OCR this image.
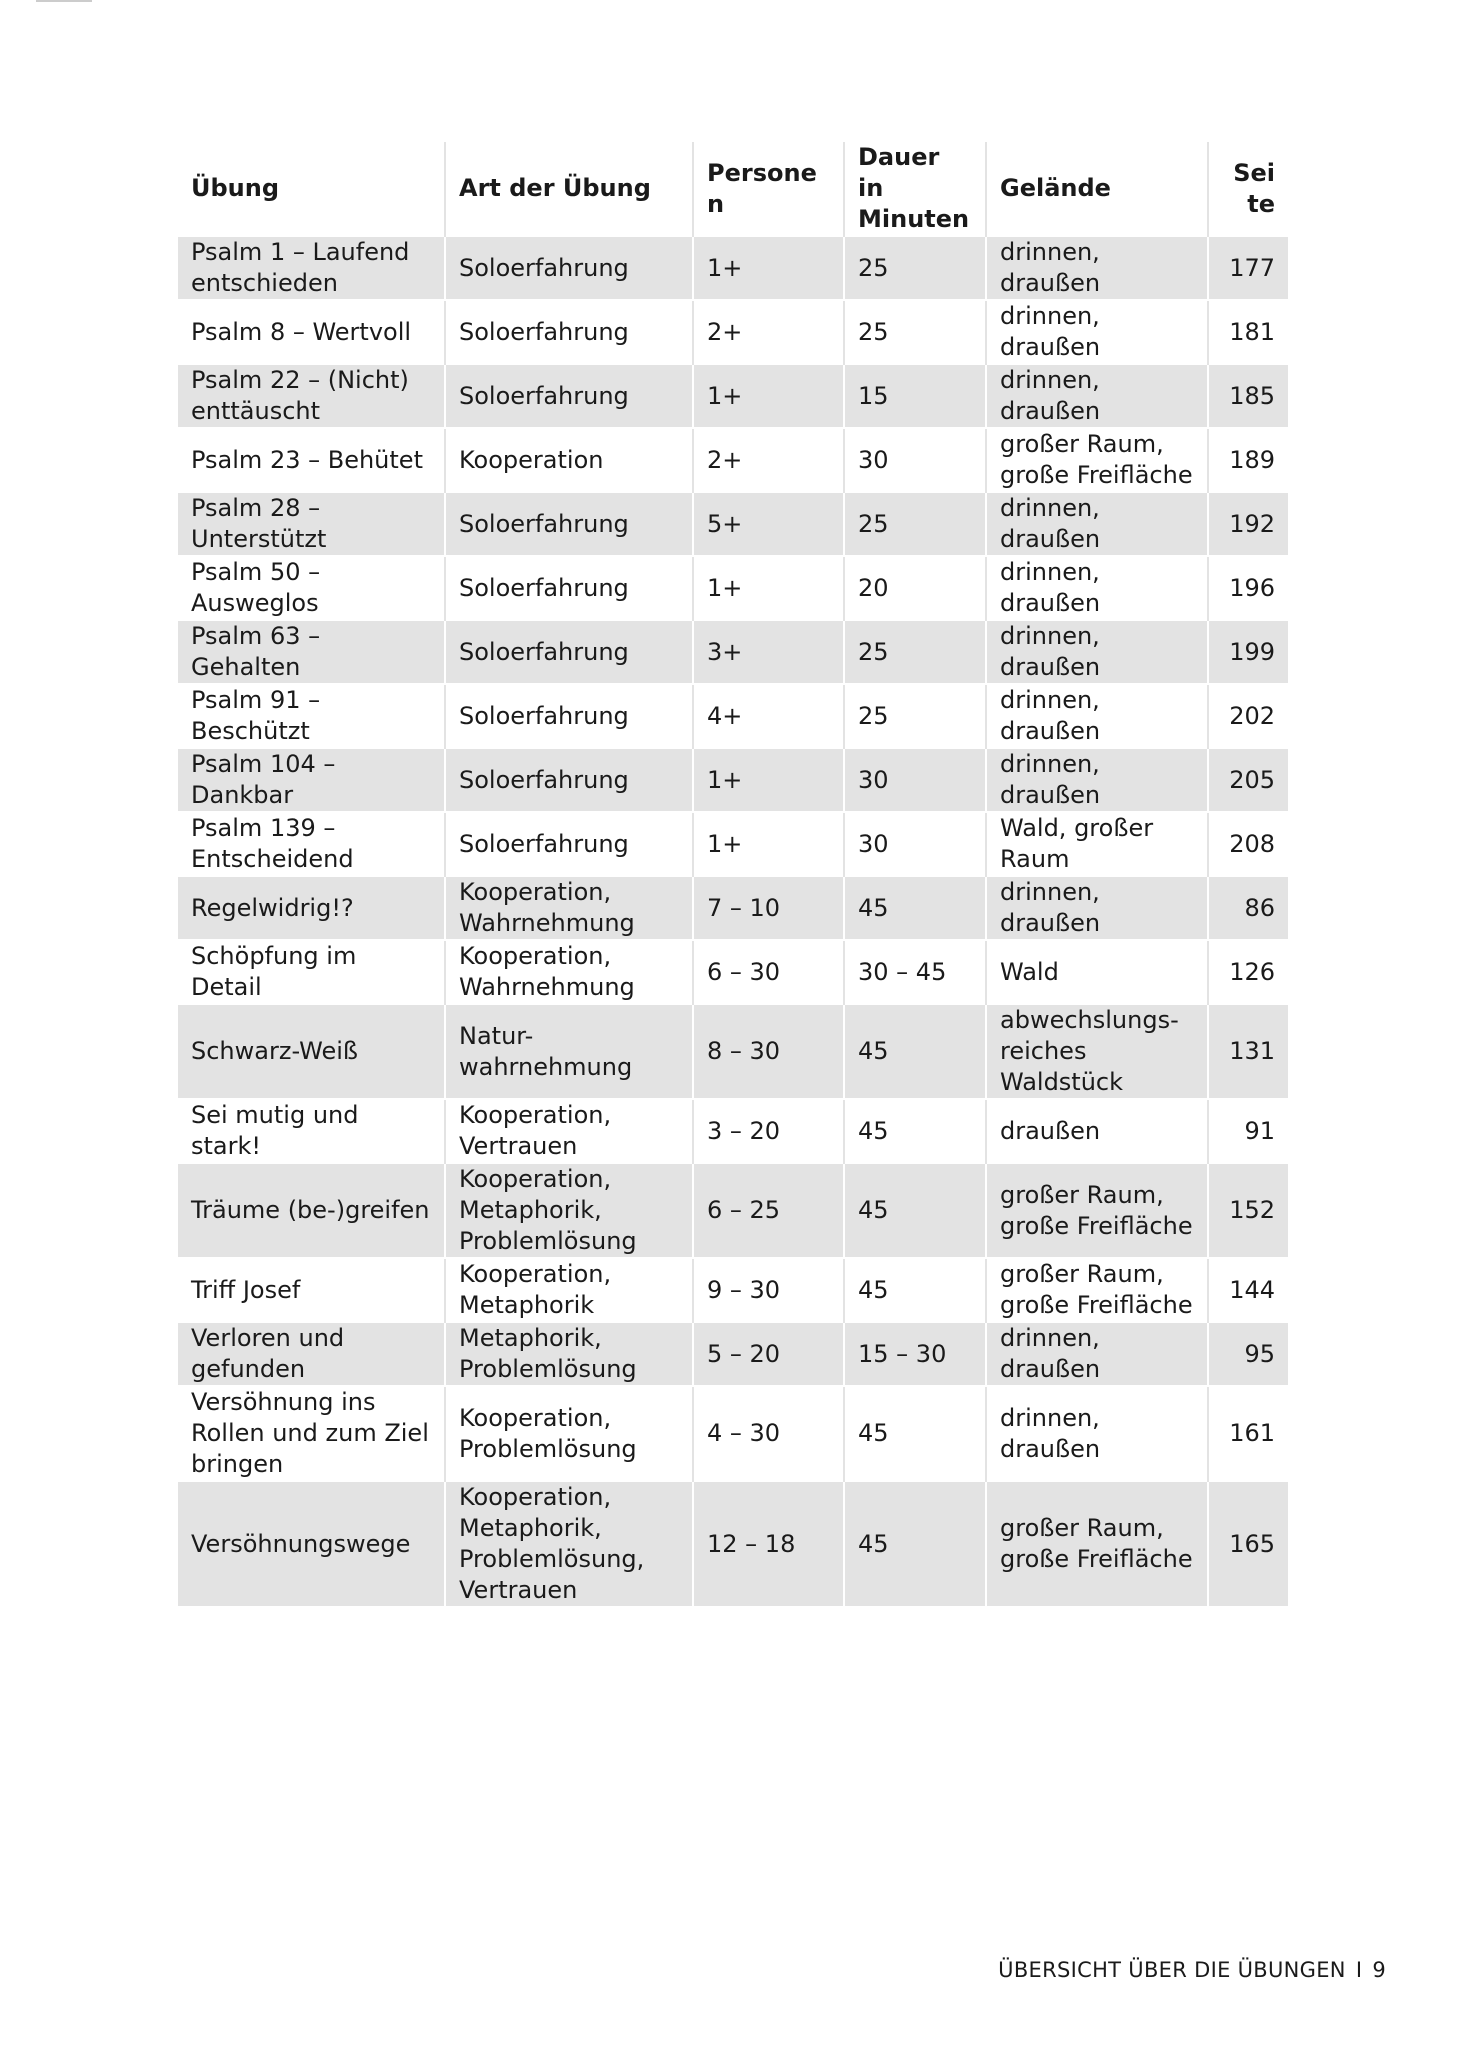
Übung	Art der Übung	Personen	Dauer in Minuten	Gelände	Seite
Psalm 1 – Laufend entschieden	Soloerfahrung	1+	25	drinnen, draußen	177
Psalm 8 – Wertvoll	Soloerfahrung	2+	25	drinnen, draußen	181
Psalm 22 – (Nicht) enttäuscht	Soloerfahrung	1+	15	drinnen, draußen	185
Psalm 23 – Behütet	Kooperation	2+	30	großer Raum, große Freifläche	189
Psalm 28 – Unterstützt	Soloerfahrung	5+	25	drinnen, draußen	192
Psalm 50 – Ausweglos	Soloerfahrung	1+	20	drinnen, draußen	196
Psalm 63 – Gehalten	Soloerfahrung	3+	25	drinnen, draußen	199
Psalm 91 – Beschützt	Soloerfahrung	4+	25	drinnen, draußen	202
Psalm 104 – Dankbar	Soloerfahrung	1+	30	drinnen, draußen	205
Psalm 139 – Entscheidend	Soloerfahrung	1+	30	Wald, großer Raum	208
Regelwidrig!?	Kooperation, Wahrnehmung	7 – 10	45	drinnen, draußen	86
Schöpfung im Detail	Kooperation, Wahrnehmung	6 – 30	30 – 45	Wald	126
Schwarz-Weiß	Natur-wahrnehmung	8 – 30	45	abwechslungs-reiches Waldstück	131
Sei mutig und stark!	Kooperation, Vertrauen	3 – 20	45	draußen	91
Träume (be-)greifen	Kooperation, Metaphorik, Problemlösung	6 – 25	45	großer Raum, große Freifläche	152
Triff Josef	Kooperation, Metaphorik	9 – 30	45	großer Raum, große Freifläche	144
Verloren und gefunden	Metaphorik, Problemlösung	5 – 20	15 – 30	drinnen, draußen	95
Versöhnung ins Rollen und zum Ziel bringen	Kooperation, Problemlösung	4 – 30	45	drinnen, draußen	161
Versöhnungswege	Kooperation, Metaphorik, Problemlösung, Vertrauen	12 – 18	45	großer Raum, große Freifläche	165
ÜBERSICHT ÜBER DIE ÜBUNGEN I 9
